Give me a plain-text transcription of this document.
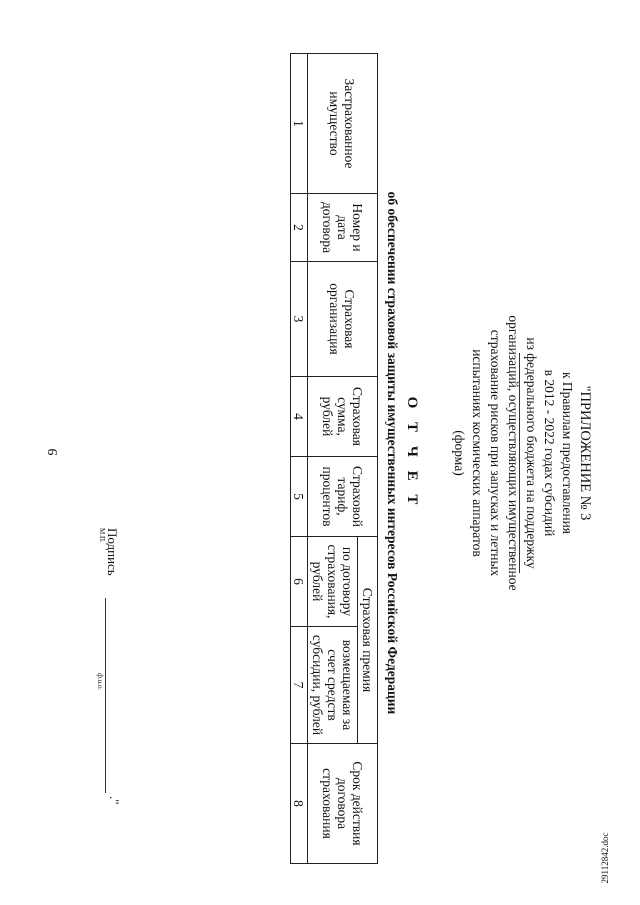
9
29112842.doc
"ПРИЛОЖЕНИЕ № 3
к Правилам предоставления
в 2012 - 2022 годах субсидий
из федерального бюджета на поддержку
организаций, осуществляющих имущественное
страхование рисков при запусках и летных
испытаниях космических аппаратов
(форма)
О Т Ч Е Т
об обеспечении страховой защиты имущественных интересов Российской Федерации
Застрахованное имущество	Номер и дата договора	Страховая организация	Страховая сумма, рублей	Страховой тариф, процентов	Страховая премия		Срок действия договора страхования
					по договору страхования, рублей	возмещаемая за счет средств субсидии, рублей	
1	2	3	4	5	6	7	8
Подпись
М.П.
ф.и.о.
."
